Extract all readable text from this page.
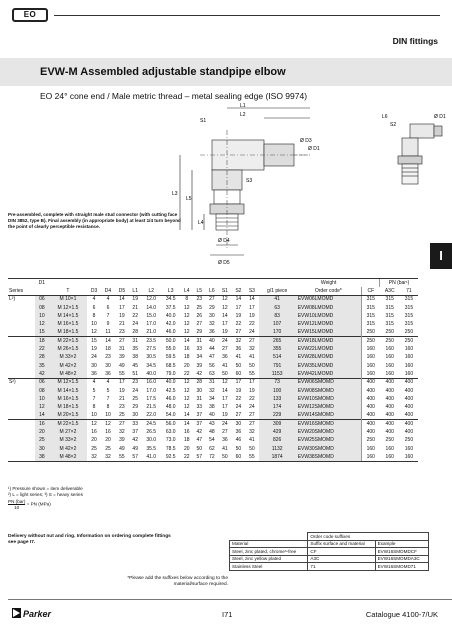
EO
DIN fittings
EVW-M Assembled adjustable standpipe elbow
EO 24° cone end / Male metric thread – metal sealing edge (ISO 9974)
L1
L2
L3
L5
L4
S1
S3
Ø D3
Ø D1
Ø D4
Ø D5
L6
S2
Ø D1
Pre-assembled, complete with straight male stud connector (with cutting face DIN 3852, type B). Final assembly (in appropriate body) at least 1/4 turn beyond the point of clearly perceptible resistance.
I
	D1															Weight		PN (bar¹)	
Series		T	D3	D4	D5	L1	L2	L3	L4	L5	L6	S1	S2	S3	g/1 piece	Order code*	CF	A3C	71
L²)	06	M 10×1	4	4	14	19	12.0	34.5	8	23	27	12	14	14	41	EVW06LMOMD	315	315	315
	08	M 12×1.5	6	6	17	21	14.0	37.5	12	25	29	12	17	17	63	EVW08LMOMD	315	315	315
	10	M 14×1.5	8	7	19	22	15.0	40.0	12	26	30	14	19	19	83	EVW10LMOMD	315	315	315
	12	M 16×1.5	10	9	21	24	17.0	42.0	12	27	32	17	22	22	107	EVW12LMOMD	315	315	315
	15	M 18×1.5	12	11	23	28	21.0	46.0	12	29	36	19	27	24	170	EVW15LMOMD	250	250	250
	18	M 22×1.5	15	14	27	31	23.5	50.0	14	31	40	24	32	27	265	EVW18LMOMD	250	250	250
	22	M 26×1.5	19	18	31	35	27.5	55.0	16	33	44	27	36	32	355	EVW22LMOMD	160	160	160
	28	M 33×2	24	23	39	38	30.5	59.5	18	34	47	36	41	41	514	EVW28LMOMD	160	160	160
	35	M 42×2	30	30	49	45	34.5	68.5	20	39	56	41	50	50	791	EVW35LMOMD	160	160	160
	42	M 48×2	36	36	55	51	40.0	79.0	22	42	63	50	60	55	1153	EVW42LMOMD	160	160	160
S²)	06	M 12×1.5	4	4	17	23	16.0	40.0	12	28	31	12	17	17	73	EVW06SMOMD	400	400	400
	08	M 14×1.5	5	5	19	24	17.0	42.5	12	30	32	14	19	19	100	EVW08SMOMD	400	400	400
	10	M 16×1.5	7	7	21	25	17.5	46.0	12	31	34	17	22	22	133	EVW10SMOMD	400	400	400
	12	M 18×1.5	8	8	23	29	21.5	48.0	12	33	38	17	24	24	174	EVW12SMOMD	400	400	400
	14	M 20×1.5	10	10	25	30	22.0	54.0	14	37	40	19	27	27	229	EVW14SMOMD	400	400	400
	16	M 22×1.5	12	12	27	33	24.5	56.0	14	37	43	24	30	27	309	EVW16SMOMD	400	400	400
	20	M 27×2	16	16	32	37	26.5	63.0	16	42	48	27	36	32	429	EVW20SMOMD	400	400	400
	25	M 33×2	20	20	39	42	30.0	73.0	18	47	54	36	46	41	826	EVW25SMOMD	250	250	250
	30	M 42×2	25	25	49	49	35.5	78.5	20	50	62	41	50	50	1132	EVW30SMOMD	160	160	160
	38	M 48×2	32	32	55	57	41.0	92.5	22	57	72	50	60	55	1874	EVW38SMOMD	160	160	160
¹) Pressure shown = item deliverable
²) L = light series; ³) S = heavy series
$\frac{\text{PN (bar)}}{10}$ = PN (MPa)
Delivery without nut and ring. Information on ordering complete fittings see page I7.
*Please add the suffixes below according to the material/surface required.
	Order code suffixes	
Material	Suffix surface and material	Example
Steel, zinc plated, chrome⁶-free	CF	EVW16SMOMDCF
Steel, zinc yellow plated	A3C	EVW16SMOMDA3C
Stainless Steel	71	EVW16SMOMD71
Parker	I71	Catalogue 4100-7/UK
